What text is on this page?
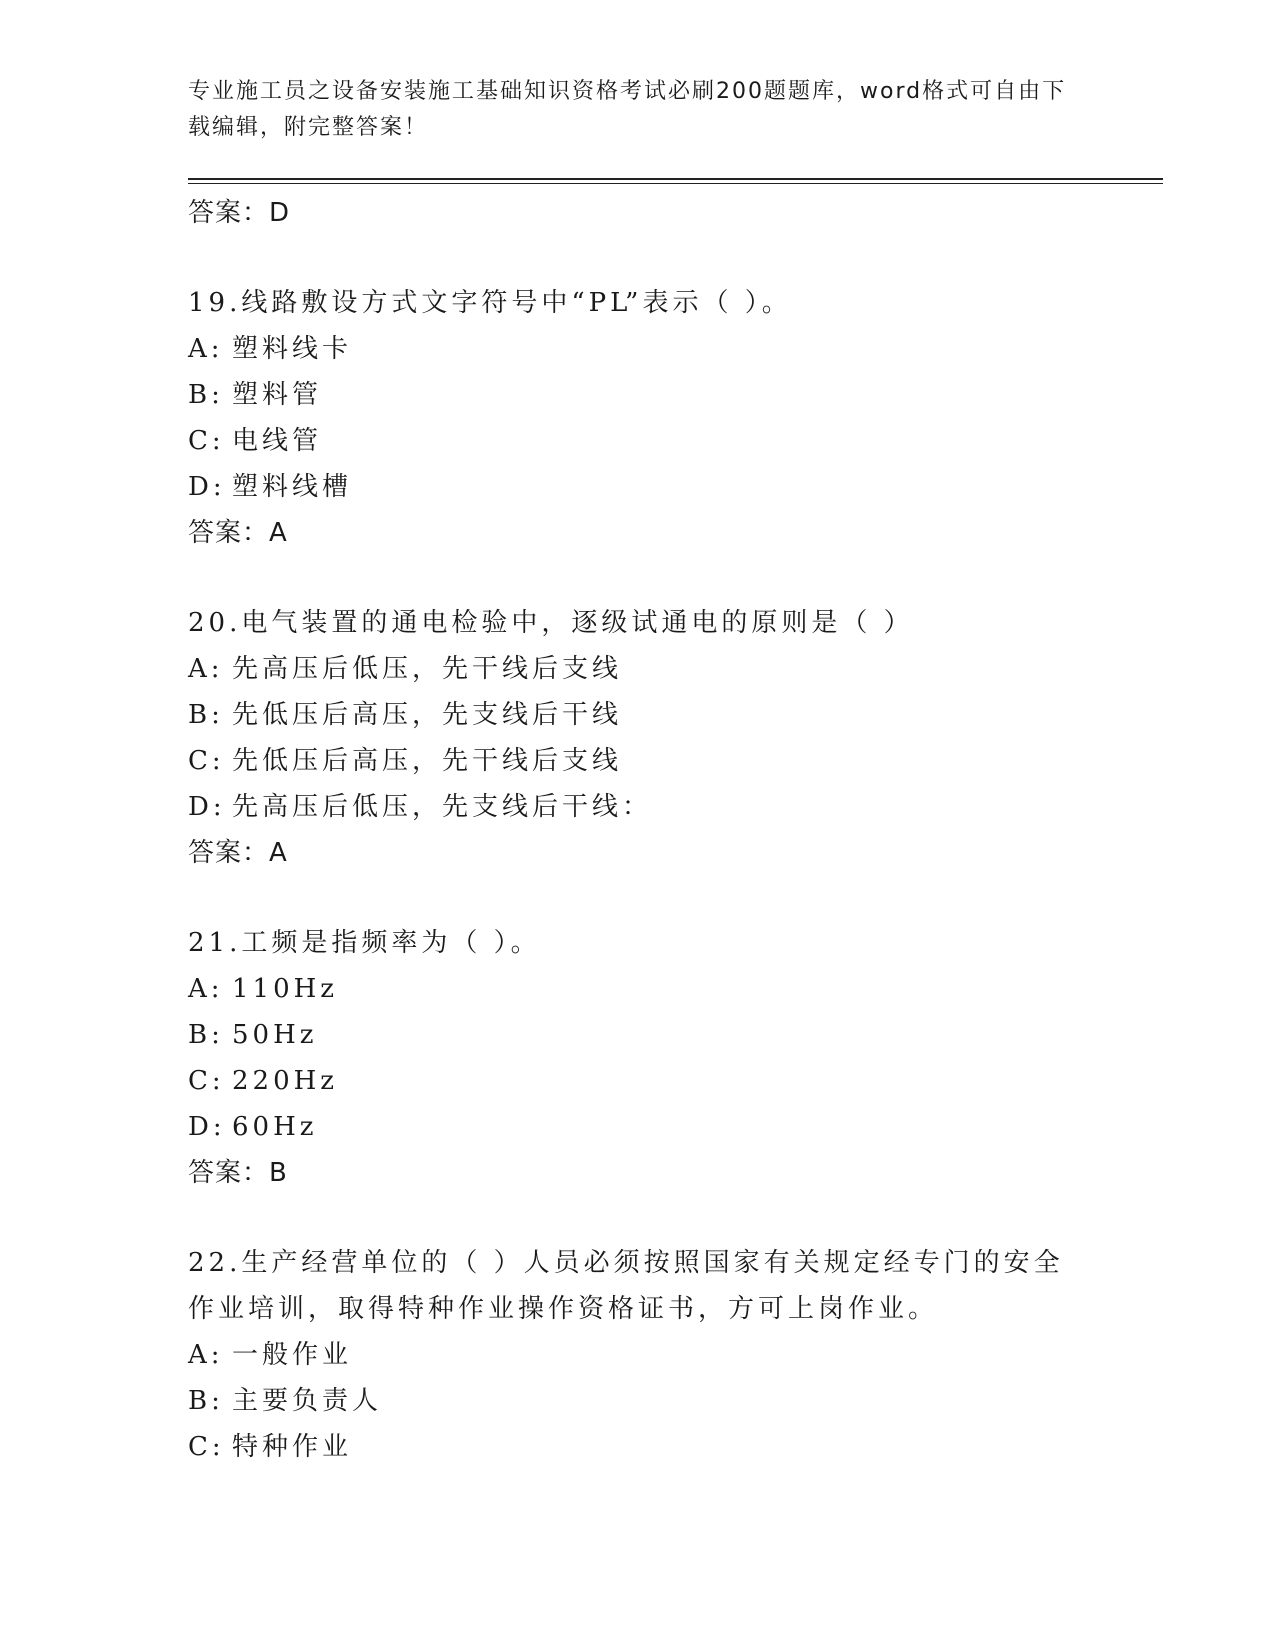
专业施工员之设备安装施工基础知识资格考试必刷200题题库，word格式可自由下载编辑，附完整答案！
答案：D
19.线路敷设方式文字符号中“PL”表示（ ）。
A: 塑料线卡
B: 塑料管
C: 电线管
D: 塑料线槽
答案：A
20.电气装置的通电检验中，逐级试通电的原则是（ ）
A: 先高压后低压，先干线后支线
B: 先低压后高压，先支线后干线
C: 先低压后高压，先干线后支线
D: 先高压后低压，先支线后干线：
答案：A
21.工频是指频率为（ ）。
A: 110Hz
B: 50Hz
C: 220Hz
D: 60Hz
答案：B
22.生产经营单位的（ ）人员必须按照国家有关规定经专门的安全作业培训，取得特种作业操作资格证书，方可上岗作业。
A: 一般作业
B: 主要负责人
C: 特种作业
